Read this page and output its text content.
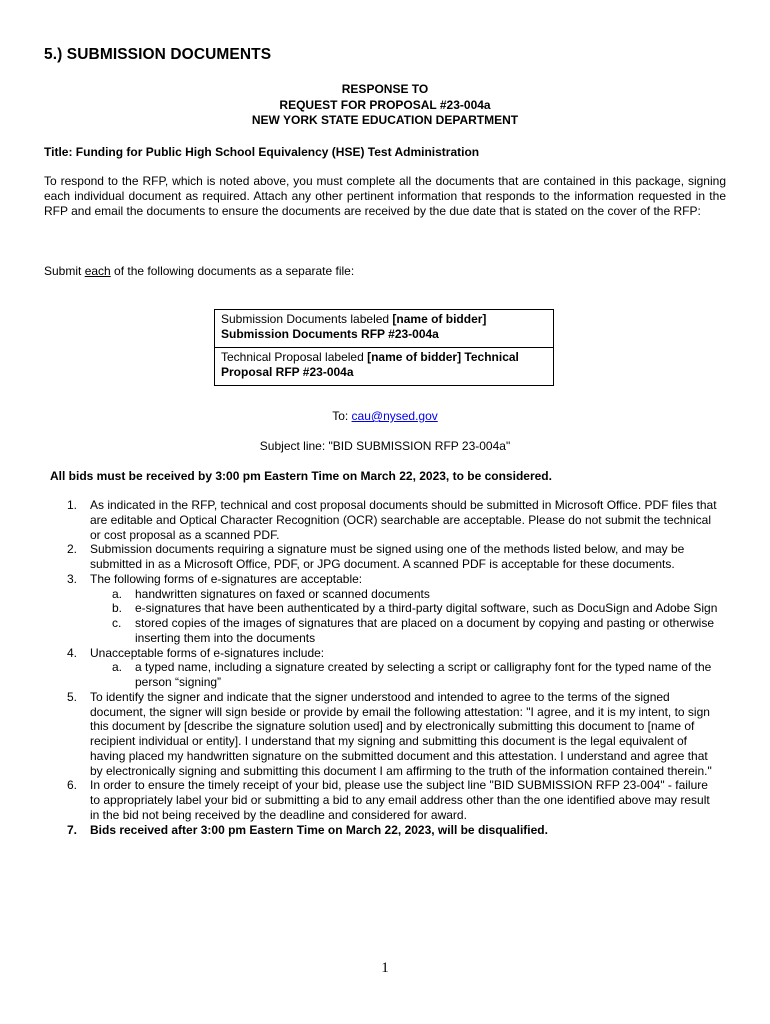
5.) SUBMISSION DOCUMENTS
RESPONSE TO
REQUEST FOR PROPOSAL #23-004a
NEW YORK STATE EDUCATION DEPARTMENT
Title: Funding for Public High School Equivalency (HSE) Test Administration
To respond to the RFP, which is noted above, you must complete all the documents that are contained in this package, signing each individual document as required. Attach any other pertinent information that responds to the information requested in the RFP and email the documents to ensure the documents are received by the due date that is stated on the cover of the RFP:
Submit each of the following documents as a separate file:
Submission Documents labeled [name of bidder] Submission Documents RFP #23-004a
Technical Proposal labeled [name of bidder] Technical Proposal RFP #23-004a
To: cau@nysed.gov
Subject line: "BID SUBMISSION RFP 23-004a"
All bids must be received by 3:00 pm Eastern Time on March 22, 2023, to be considered.
1. As indicated in the RFP, technical and cost proposal documents should be submitted in Microsoft Office. PDF files that are editable and Optical Character Recognition (OCR) searchable are acceptable. Please do not submit the technical or cost proposal as a scanned PDF.
2. Submission documents requiring a signature must be signed using one of the methods listed below, and may be submitted in as a Microsoft Office, PDF, or JPG document. A scanned PDF is acceptable for these documents.
3. The following forms of e-signatures are acceptable:
a. handwritten signatures on faxed or scanned documents
b. e-signatures that have been authenticated by a third-party digital software, such as DocuSign and Adobe Sign
c. stored copies of the images of signatures that are placed on a document by copying and pasting or otherwise inserting them into the documents
4. Unacceptable forms of e-signatures include:
a. a typed name, including a signature created by selecting a script or calligraphy font for the typed name of the person “signing”
5. To identify the signer and indicate that the signer understood and intended to agree to the terms of the signed document, the signer will sign beside or provide by email the following attestation: "I agree, and it is my intent, to sign this document by [describe the signature solution used] and by electronically submitting this document to [name of recipient individual or entity]. I understand that my signing and submitting this document is the legal equivalent of having placed my handwritten signature on the submitted document and this attestation. I understand and agree that by electronically signing and submitting this document I am affirming to the truth of the information contained therein."
6. In order to ensure the timely receipt of your bid, please use the subject line "BID SUBMISSION RFP 23-004" - failure to appropriately label your bid or submitting a bid to any email address other than the one identified above may result in the bid not being received by the deadline and considered for award.
7. Bids received after 3:00 pm Eastern Time on March 22, 2023, will be disqualified.
1
